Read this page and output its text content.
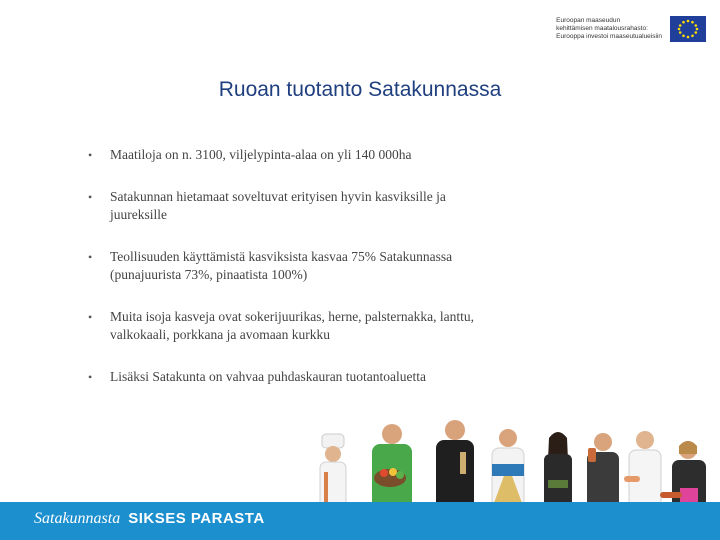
Euroopan maaseudun
kehittämisen maatalousrahasto:
Eurooppa investoi maaseutualueisiin
Ruoan tuotanto Satakunnassa
•	Maatiloja on n. 3100, viljelypinta-alaa on yli 140 000ha
•	Satakunnan hietamaat soveltuvat erityisen hyvin kasviksille ja
juureksille
•	Teollisuuden käyttämistä kasviksista kasvaa 75% Satakunnassa
(punajuurista 73%, pinaatista 100%)
•	Muita isoja kasveja ovat sokerijuurikas, herne, palsternakka, lanttu,
valkokaali, porkkana ja avomaan kurkku
•	Lisäksi Satakunta on vahvaa puhdaskauran tuotantoaluetta
Satakunnasta SIKSES PARASTA
